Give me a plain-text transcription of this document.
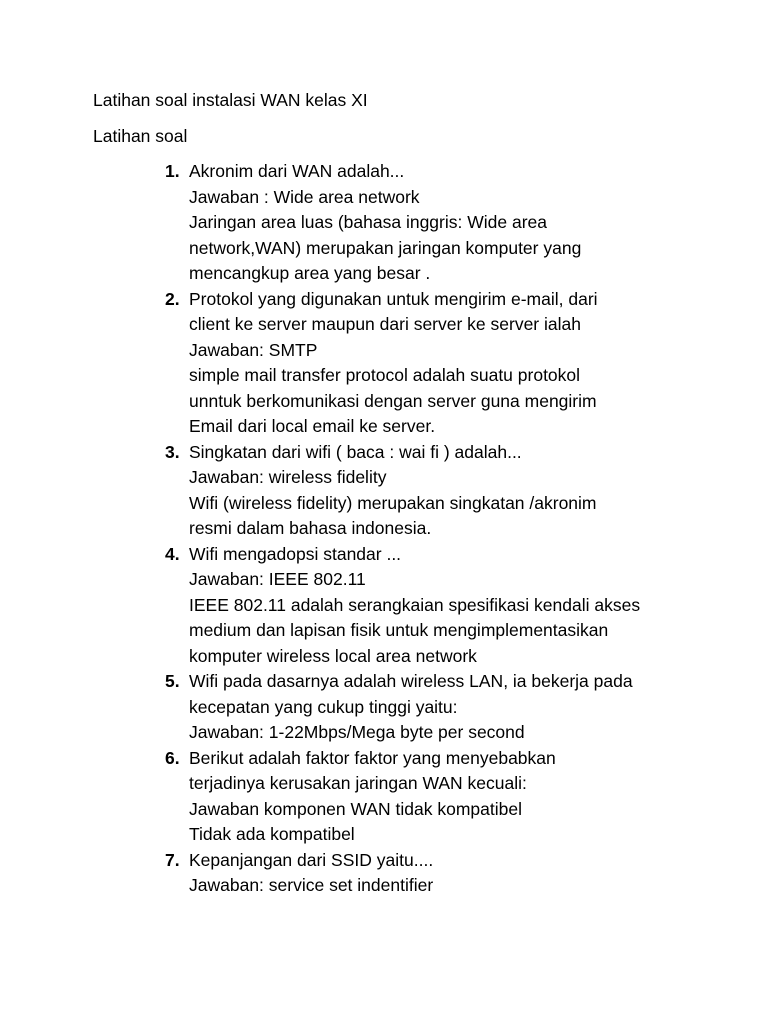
Latihan soal instalasi WAN kelas XI
Latihan soal
1. Akronim dari WAN adalah...
Jawaban : Wide area network
Jaringan area luas (bahasa inggris: Wide area
network,WAN) merupakan jaringan komputer yang
mencangkup area yang besar .
2. Protokol yang digunakan untuk mengirim e-mail, dari
client ke server maupun dari server ke server ialah
Jawaban: SMTP
simple mail transfer protocol adalah suatu protokol
unntuk berkomunikasi dengan server guna mengirim
Email dari local email ke server.
3. Singkatan dari wifi ( baca : wai fi ) adalah...
Jawaban: wireless fidelity
Wifi (wireless fidelity) merupakan singkatan /akronim
resmi dalam bahasa indonesia.
4. Wifi mengadopsi standar ...
Jawaban: IEEE 802.11
IEEE 802.11 adalah serangkaian spesifikasi kendali akses
medium dan lapisan fisik untuk mengimplementasikan
komputer wireless local area network
5. Wifi pada dasarnya adalah wireless LAN, ia bekerja pada
kecepatan yang cukup tinggi yaitu:
Jawaban: 1-22Mbps/Mega byte per second
6. Berikut adalah faktor faktor yang menyebabkan
terjadinya kerusakan jaringan WAN kecuali:
Jawaban komponen WAN tidak kompatibel
Tidak ada kompatibel
7. Kepanjangan dari SSID yaitu....
Jawaban: service set indentifier
